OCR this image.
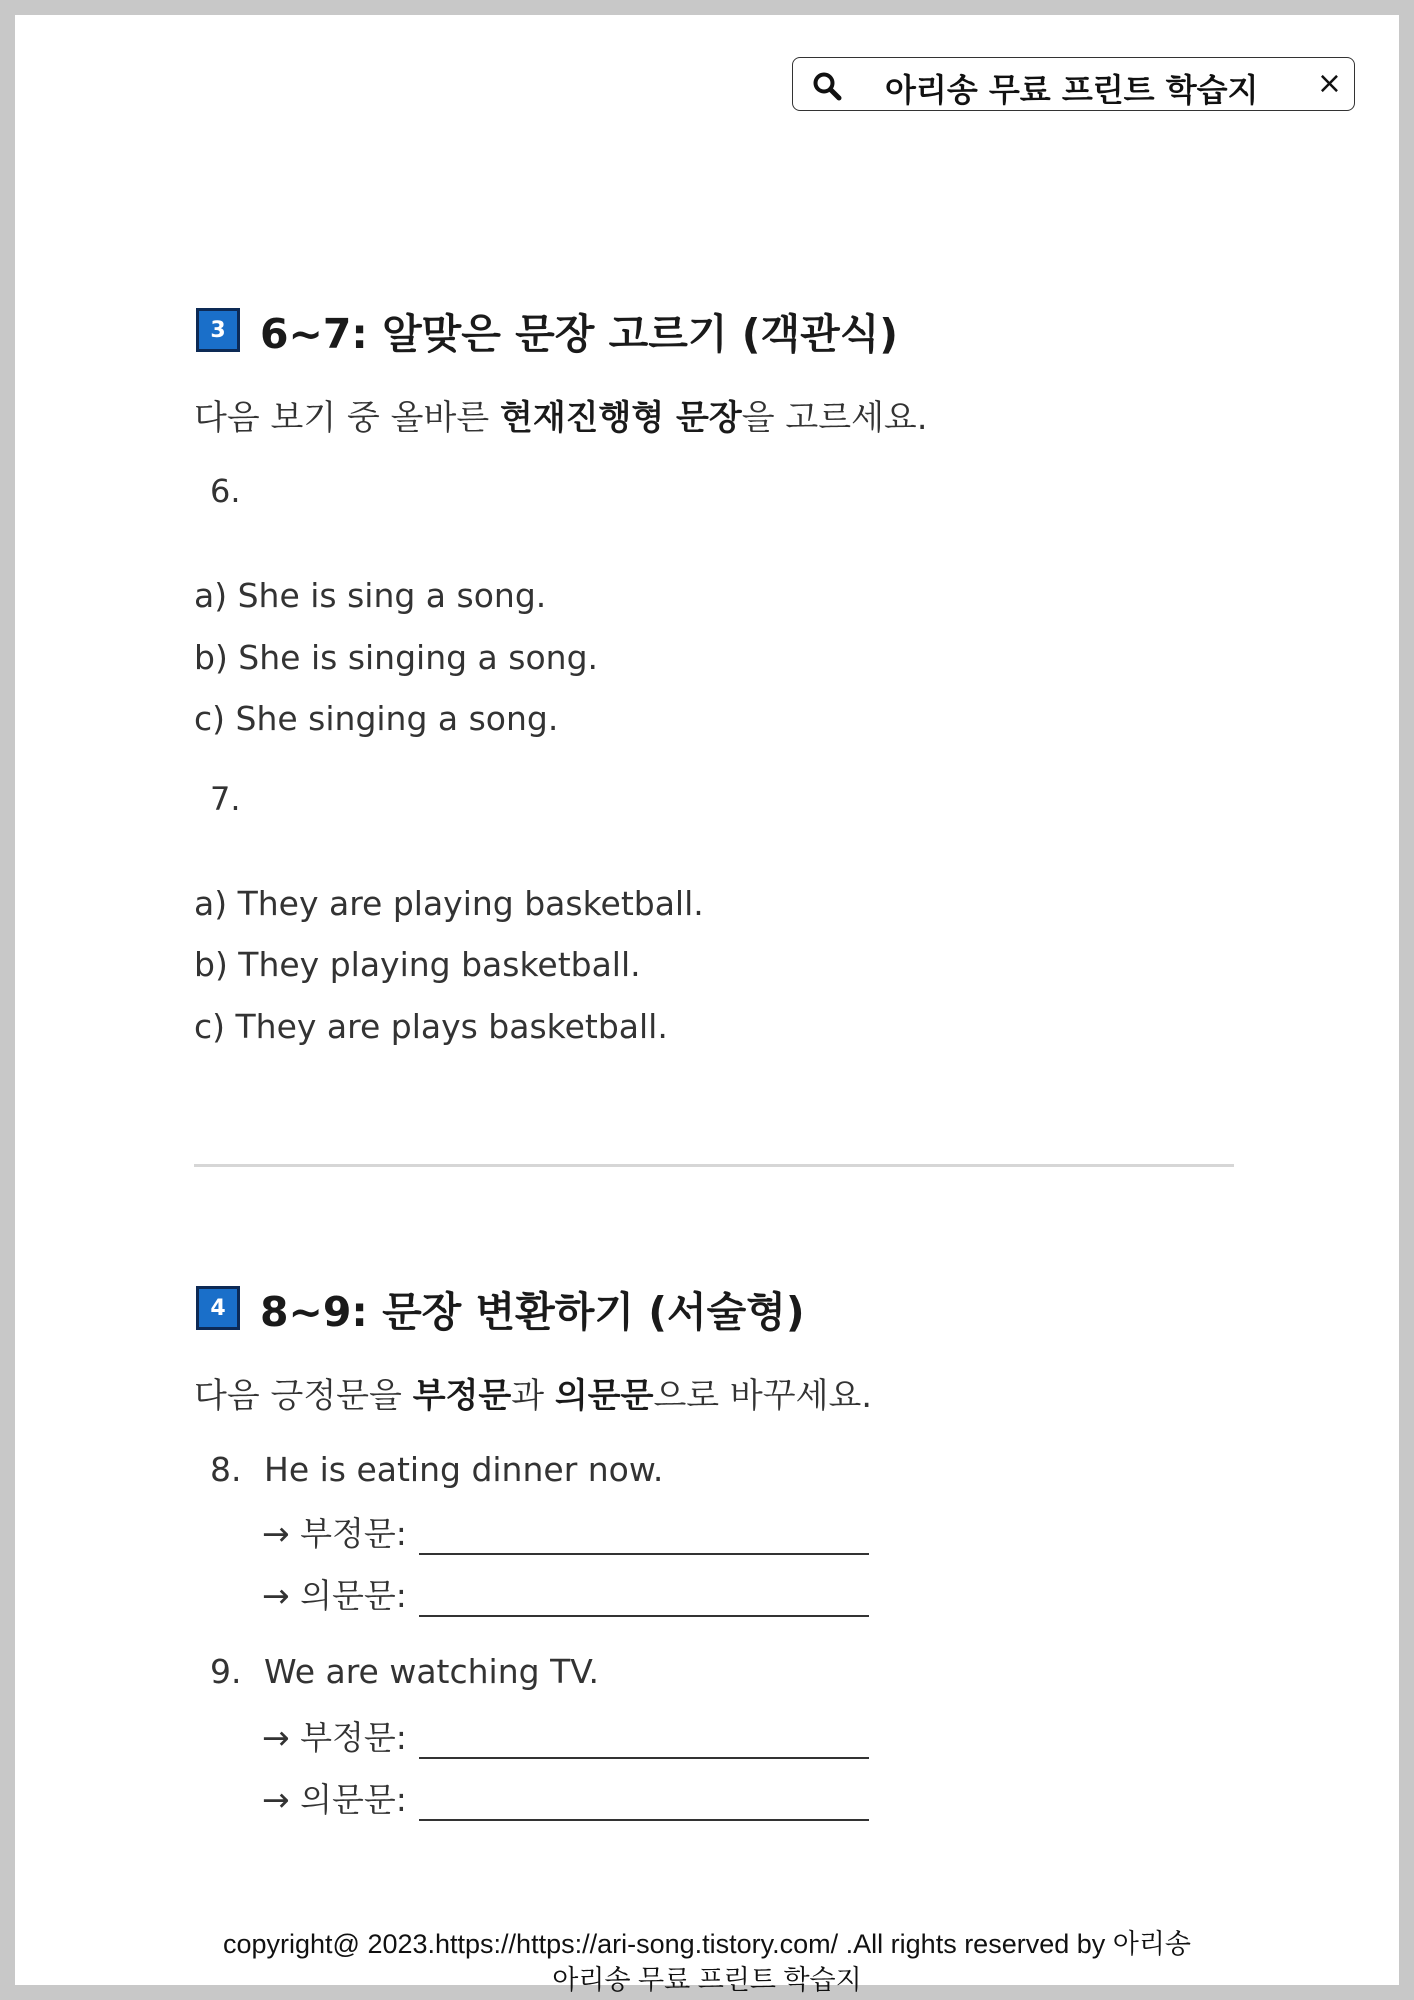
아리송 무료 프린트 학습지 ×
3 6~7: 알맞은 문장 고르기 (객관식)
다음 보기 중 올바른 현재진행형 문장을 고르세요.
6.
a) She is sing a song.
b) She is singing a song.
c) She singing a song.
7.
a) They are playing basketball.
b) They playing basketball.
c) They are plays basketball.
4 8~9: 문장 변환하기 (서술형)
다음 긍정문을 부정문과 의문문으로 바꾸세요.
8. He is eating dinner now.
→ 부정문:
→ 의문문:
9. We are watching TV.
→ 부정문:
→ 의문문:
copyright@ 2023.https://https://ari-song.tistory.com/ .All rights reserved by 아리송
아리송 무료 프린트 학습지
